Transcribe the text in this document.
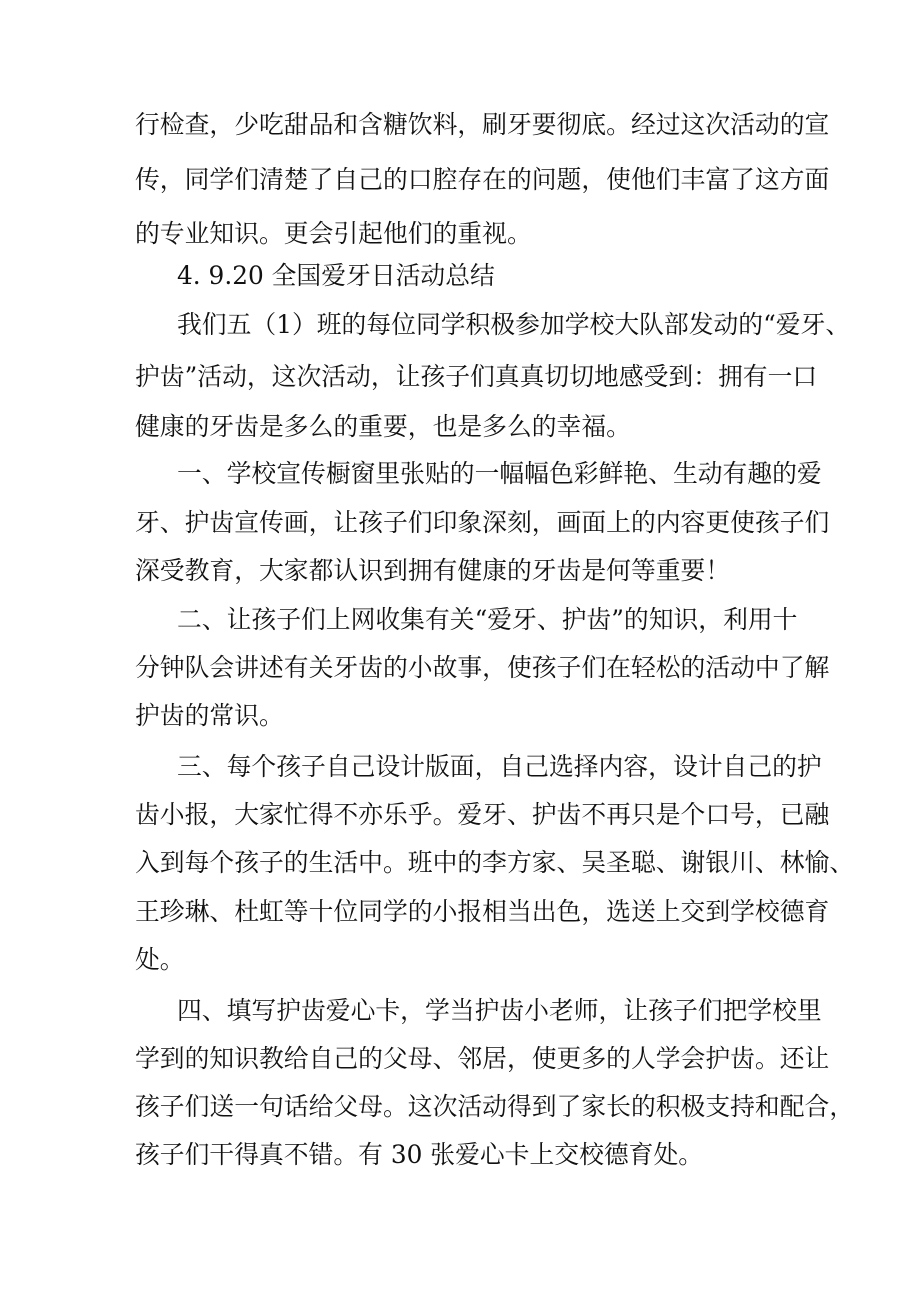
行检查，少吃甜品和含糖饮料，刷牙要彻底。经过这次活动的宣
传，同学们清楚了自己的口腔存在的问题，使他们丰富了这方面
的专业知识。更会引起他们的重视。
4. 9.20 全国爱牙日活动总结
我们五（1）班的每位同学积极参加学校大队部发动的“爱牙、
护齿”活动，这次活动，让孩子们真真切切地感受到：拥有一口
健康的牙齿是多么的重要，也是多么的幸福。
一、学校宣传橱窗里张贴的一幅幅色彩鲜艳、生动有趣的爱
牙、护齿宣传画，让孩子们印象深刻，画面上的内容更使孩子们
深受教育，大家都认识到拥有健康的牙齿是何等重要！
二、让孩子们上网收集有关“爱牙、护齿”的知识，利用十
分钟队会讲述有关牙齿的小故事，使孩子们在轻松的活动中了解
护齿的常识。
三、每个孩子自己设计版面，自己选择内容，设计自己的护
齿小报，大家忙得不亦乐乎。爱牙、护齿不再只是个口号，已融
入到每个孩子的生活中。班中的李方家、吴圣聪、谢银川、林愉、
王珍琳、杜虹等十位同学的小报相当出色，选送上交到学校德育
处。
四、填写护齿爱心卡，学当护齿小老师，让孩子们把学校里
学到的知识教给自己的父母、邻居，使更多的人学会护齿。还让
孩子们送一句话给父母。这次活动得到了家长的积极支持和配合，
孩子们干得真不错。有 30 张爱心卡上交校德育处。
